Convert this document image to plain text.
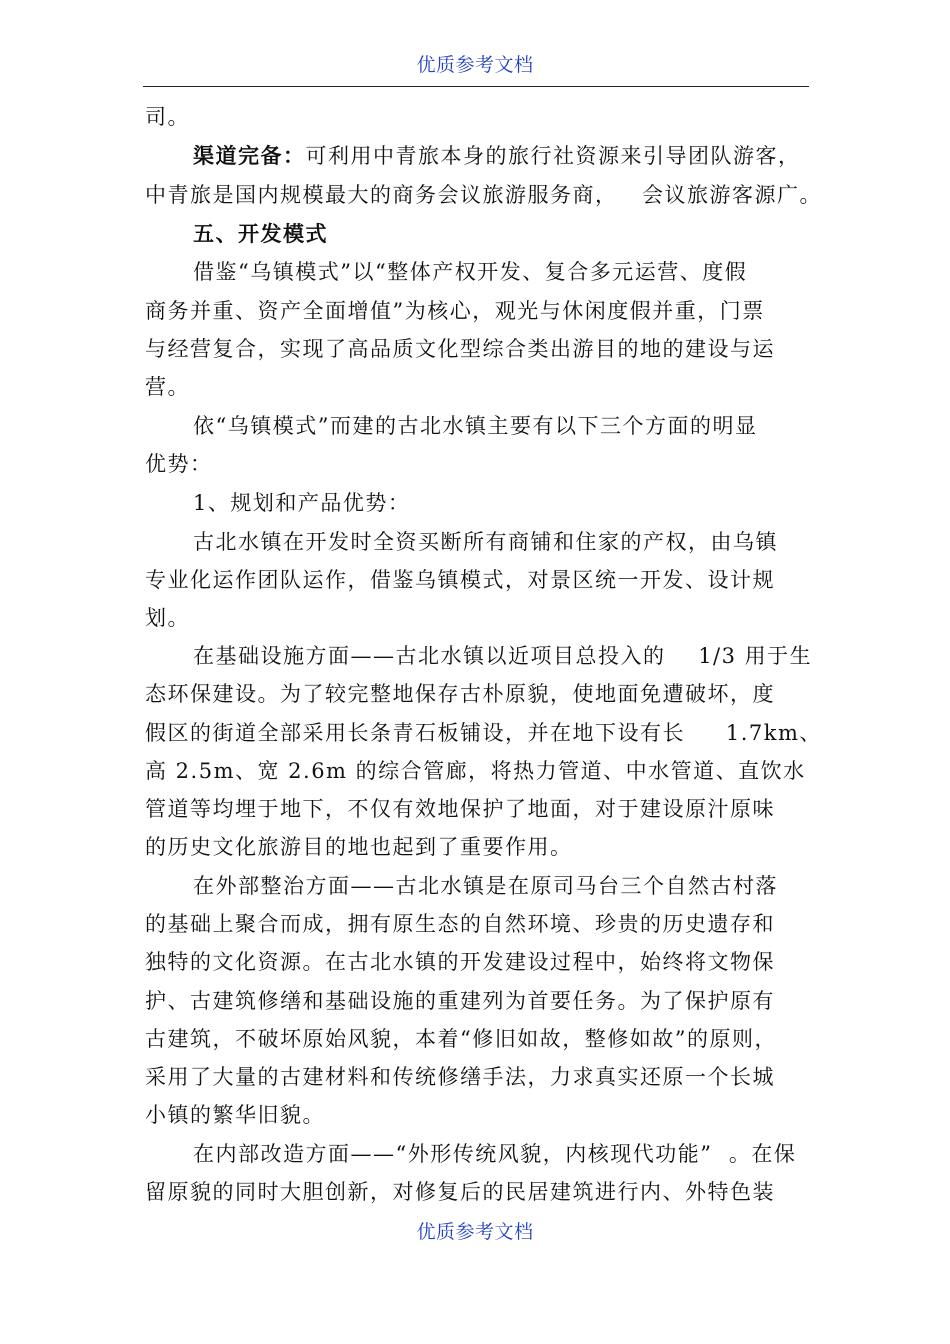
优质参考文档
司。
渠道完备：可利用中青旅本身的旅行社资源来引导团队游客，
中青旅是国内规模最大的商务会议旅游服务商，   会议旅游客源广。
五、开发模式
借鉴“乌镇模式”以“整体产权开发、复合多元运营、度假
商务并重、资产全面增值”为核心，观光与休闲度假并重，门票
与经营复合，实现了高品质文化型综合类出游目的地的建设与运
营。
依“乌镇模式”而建的古北水镇主要有以下三个方面的明显
优势：
1、规划和产品优势：
古北水镇在开发时全资买断所有商铺和住家的产权，由乌镇
专业化运作团队运作，借鉴乌镇模式，对景区统一开发、设计规
划。
在基础设施方面——古北水镇以近项目总投入的    1/3 用于生
态环保建设。为了较完整地保存古朴原貌，使地面免遭破坏，度
假区的街道全部采用长条青石板铺设，并在地下设有长     1.7km、
高 2.5m、宽 2.6m 的综合管廊，将热力管道、中水管道、直饮水
管道等均埋于地下，不仅有效地保护了地面，对于建设原汁原味
的历史文化旅游目的地也起到了重要作用。
在外部整治方面——古北水镇是在原司马台三个自然古村落
的基础上聚合而成，拥有原生态的自然环境、珍贵的历史遗存和
独特的文化资源。在古北水镇的开发建设过程中，始终将文物保
护、古建筑修缮和基础设施的重建列为首要任务。为了保护原有
古建筑，不破坏原始风貌，本着“修旧如故，整修如故”的原则，
采用了大量的古建材料和传统修缮手法，力求真实还原一个长城
小镇的繁华旧貌。
在内部改造方面——“外形传统风貌，内核现代功能”  。在保
留原貌的同时大胆创新，对修复后的民居建筑进行内、外特色装
优质参考文档
